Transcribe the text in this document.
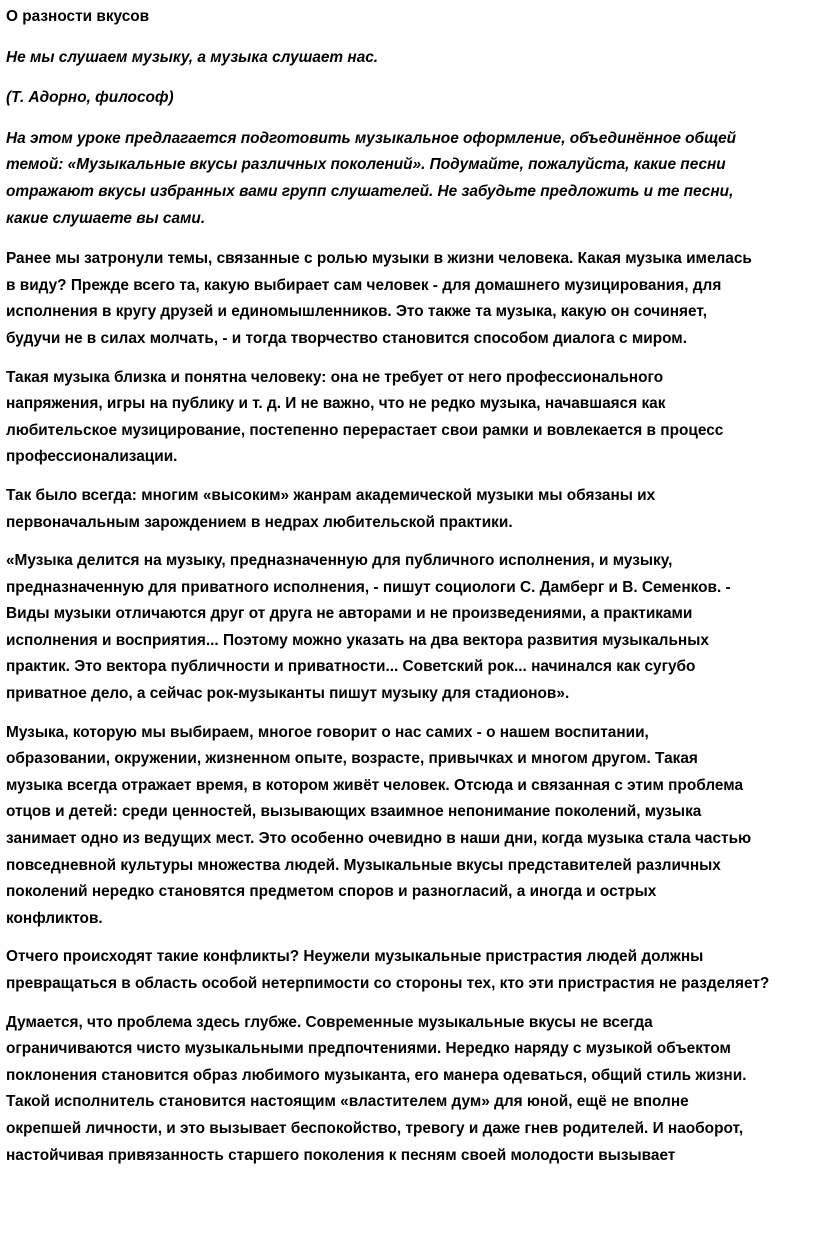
О разности вкусов

Не мы слушаем музыку, а музыка слушает нас.

(Т. Адорно, философ)

На этом уроке предлагается подготовить музыкальное оформление, объединённое общей
темой: «Музыкальные вкусы различных поколений». Подумайте, пожалуйста, какие песни
отражают вкусы избранных вами групп слушателей. Не забудьте предложить и те песни,
какие слушаете вы сами.

Ранее мы затронули темы, связанные с ролью музыки в жизни человека. Какая музыка имелась
в виду? Прежде всего та, какую выбирает сам человек - для домашнего музицирования, для
исполнения в кругу друзей и единомышленников. Это также та музыка, какую он сочиняет,
будучи не в силах молчать, - и тогда творчество становится способом диалога с миром.

Такая музыка близка и понятна человеку: она не требует от него профессионального
напряжения, игры на публику и т. д. И не важно, что не редко музыка, начавшаяся как
любительское музицирование, постепенно перерастает свои рамки и вовлекается в процесс
профессионализации.

Так было всегда: многим «высоким» жанрам академической музыки мы обязаны их
первоначальным зарождением в недрах любительской практики.

«Музыка делится на музыку, предназначенную для публичного исполнения, и музыку,
предназначенную для приватного исполнения, - пишут социологи С. Дамберг и В. Семенков. -
Виды музыки отличаются друг от друга не авторами и не произведениями, а практиками
исполнения и восприятия... Поэтому можно указать на два вектора развития музыкальных
практик. Это вектора публичности и приватности... Советский рок... начинался как сугубо
приватное дело, а сейчас рок-музыканты пишут музыку для стадионов».

Музыка, которую мы выбираем, многое говорит о нас самих - о нашем воспитании,
образовании, окружении, жизненном опыте, возрасте, привычках и многом другом. Такая
музыка всегда отражает время, в котором живёт человек. Отсюда и связанная с этим проблема
отцов и детей: среди ценностей, вызывающих взаимное непонимание поколений, музыка
занимает одно из ведущих мест. Это особенно очевидно в наши дни, когда музыка стала частью
повседневной культуры множества людей. Музыкальные вкусы представителей различных
поколений нередко становятся предметом споров и разногласий, а иногда и острых
конфликтов.

Отчего происходят такие конфликты? Неужели музыкальные пристрастия людей должны
превращаться в область особой нетерпимости со стороны тех, кто эти пристрастия не разделяет?

Думается, что проблема здесь глубже. Современные музыкальные вкусы не всегда
ограничиваются чисто музыкальными предпочтениями. Нередко наряду с музыкой объектом
поклонения становится образ любимого музыканта, его манера одеваться, общий стиль жизни.
Такой исполнитель становится настоящим «властителем дум» для юной, ещё не вполне
окрепшей личности, и это вызывает беспокойство, тревогу и даже гнев родителей. И наоборот,
настойчивая привязанность старшего поколения к песням своей молодости вызывает
